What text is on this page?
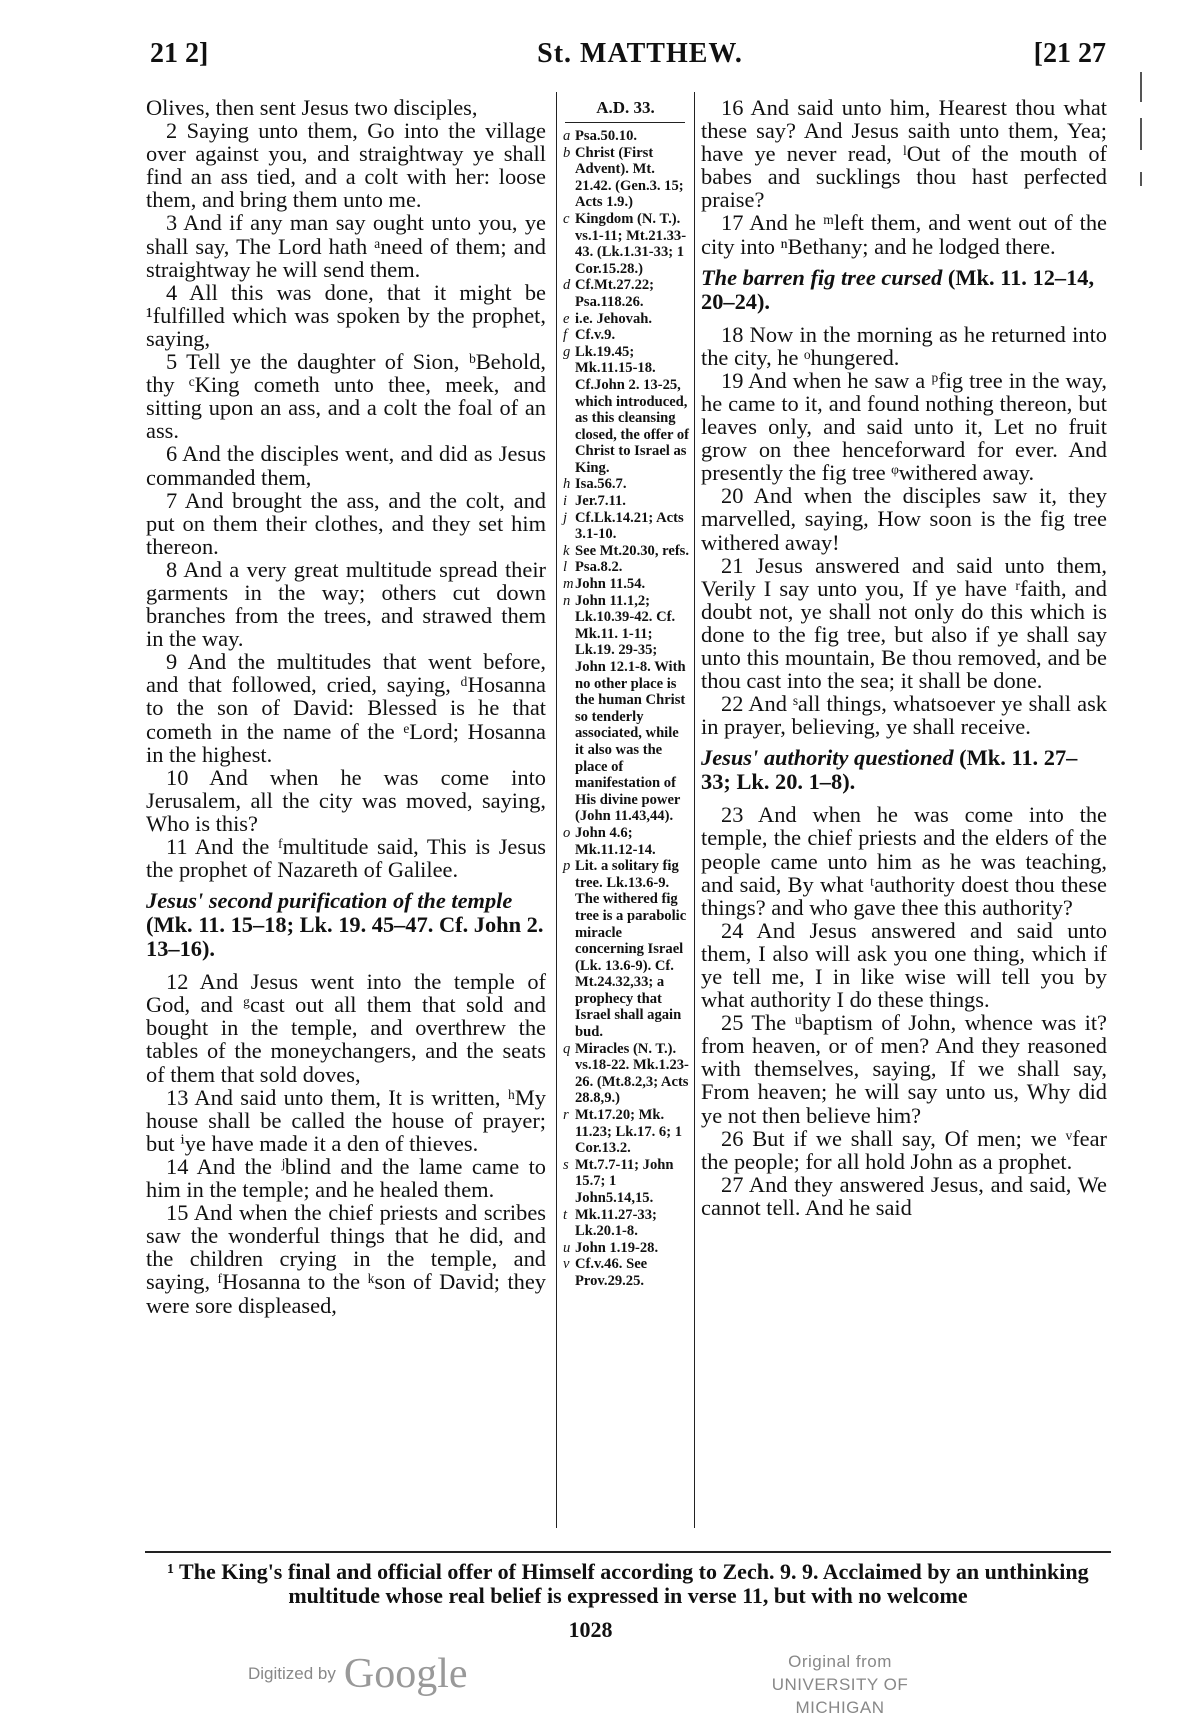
21 2]	St. MATTHEW.	[21 27

Olives, then sent Jesus two disciples,

2 Saying unto them, Go into the village over against you, and straightway ye shall find an ass tied, and a colt with her: loose them, and bring them unto me.

3 And if any man say ought unto you, ye shall say, The Lord hath ᵃneed of them; and straightway he will send them.

4 All this was done, that it might be ¹fulfilled which was spoken by the prophet, saying,

5 Tell ye the daughter of Sion, ᵇBehold, thy ᶜKing cometh unto thee, meek, and sitting upon an ass, and a colt the foal of an ass.

6 And the disciples went, and did as Jesus commanded them,

7 And brought the ass, and the colt, and put on them their clothes, and they set him thereon.

8 And a very great multitude spread their garments in the way; others cut down branches from the trees, and strawed them in the way.

9 And the multitudes that went before, and that followed, cried, saying, ᵈHosanna to the son of David: Blessed is he that cometh in the name of the ᵉLord; Hosanna in the highest.

10 And when he was come into Jerusalem, all the city was moved, saying, Who is this?

11 And the ᶠmultitude said, This is Jesus the prophet of Nazareth of Galilee.

Jesus' second purification of the temple (Mk. 11. 15–18; Lk. 19. 45–47. Cf. John 2. 13–16).

12 And Jesus went into the temple of God, and ᵍcast out all them that sold and bought in the temple, and overthrew the tables of the moneychangers, and the seats of them that sold doves,

13 And said unto them, It is written, ʰMy house shall be called the house of prayer; but ⁱye have made it a den of thieves.

14 And the ʲblind and the lame came to him in the temple; and he healed them.

15 And when the chief priests and scribes saw the wonderful things that he did, and the children crying in the temple, and saying, ᶠHosanna to the ᵏson of David; they were sore displeased,

A.D. 33.

a Psa.50.10.

b Christ (First Advent). Mt. 21.42. (Gen.3. 15; Acts 1.9.)

c Kingdom (N. T.). vs.1-11; Mt.21.33-43. (Lk.1.31-33; 1 Cor.15.28.)

d Cf.Mt.27.22; Psa.118.26.

e i.e. Jehovah.

f Cf.v.9.

g Lk.19.45; Mk.11.15-18. Cf.John 2. 13-25, which introduced, as this cleansing closed, the offer of Christ to Israel as King.

h Isa.56.7.

i Jer.7.11.

j Cf.Lk.14.21; Acts 3.1-10.

k See Mt.20.30, refs.

l Psa.8.2.

mJohn 11.54.

n John 11.1,2; Lk.10.39-42. Cf. Mk.11. 1-11; Lk.19. 29-35; John 12.1-8. With no other place is the human Christ so tenderly associated, while it also was the place of manifestation of His divine power (John 11.43,44).

o John 4.6; Mk.11.12-14.

p Lit. a solitary fig tree. Lk.13.6-9. The withered fig tree is a parabolic miracle concerning Israel (Lk. 13.6-9). Cf. Mt.24.32,33; a prophecy that Israel shall again bud.

q Miracles (N. T.). vs.18-22. Mk.1.23-26. (Mt.8.2,3; Acts 28.8,9.)

r Mt.17.20; Mk. 11.23; Lk.17. 6; 1 Cor.13.2.

s Mt.7.7-11; John 15.7; 1 John5.14,15.

t Mk.11.27-33; Lk.20.1-8.

u John 1.19-28.

v Cf.v.46. See Prov.29.25.

16 And said unto him, Hearest thou what these say? And Jesus saith unto them, Yea; have ye never read, ˡOut of the mouth of babes and sucklings thou hast perfected praise?

17 And he ᵐleft them, and went out of the city into ⁿBethany; and he lodged there.

The barren fig tree cursed (Mk. 11. 12–14, 20–24).

18 Now in the morning as he returned into the city, he ᵒhungered.

19 And when he saw a ᵖfig tree in the way, he came to it, and found nothing thereon, but leaves only, and said unto it, Let no fruit grow on thee henceforward for ever. And presently the fig tree ᵠwithered away.

20 And when the disciples saw it, they marvelled, saying, How soon is the fig tree withered away!

21 Jesus answered and said unto them, Verily I say unto you, If ye have ʳfaith, and doubt not, ye shall not only do this which is done to the fig tree, but also if ye shall say unto this mountain, Be thou removed, and be thou cast into the sea; it shall be done.

22 And ˢall things, whatsoever ye shall ask in prayer, believing, ye shall receive.

Jesus' authority questioned (Mk. 11. 27–33; Lk. 20. 1–8).

23 And when he was come into the temple, the chief priests and the elders of the people came unto him as he was teaching, and said, By what ᵗauthority doest thou these things? and who gave thee this authority?

24 And Jesus answered and said unto them, I also will ask you one thing, which if ye tell me, I in like wise will tell you by what authority I do these things.

25 The ᵘbaptism of John, whence was it? from heaven, or of men? And they reasoned with themselves, saying, If we shall say, From heaven; he will say unto us, Why did ye not then believe him?

26 But if we shall say, Of men; we ᵛfear the people; for all hold John as a prophet.

27 And they answered Jesus, and said, We cannot tell. And he said

¹ The King's final and official offer of Himself according to Zech. 9. 9. Acclaimed by an unthinking multitude whose real belief is expressed in verse 11, but with no welcome
1028
Digitized by Google	Original from
UNIVERSITY OF MICHIGAN
